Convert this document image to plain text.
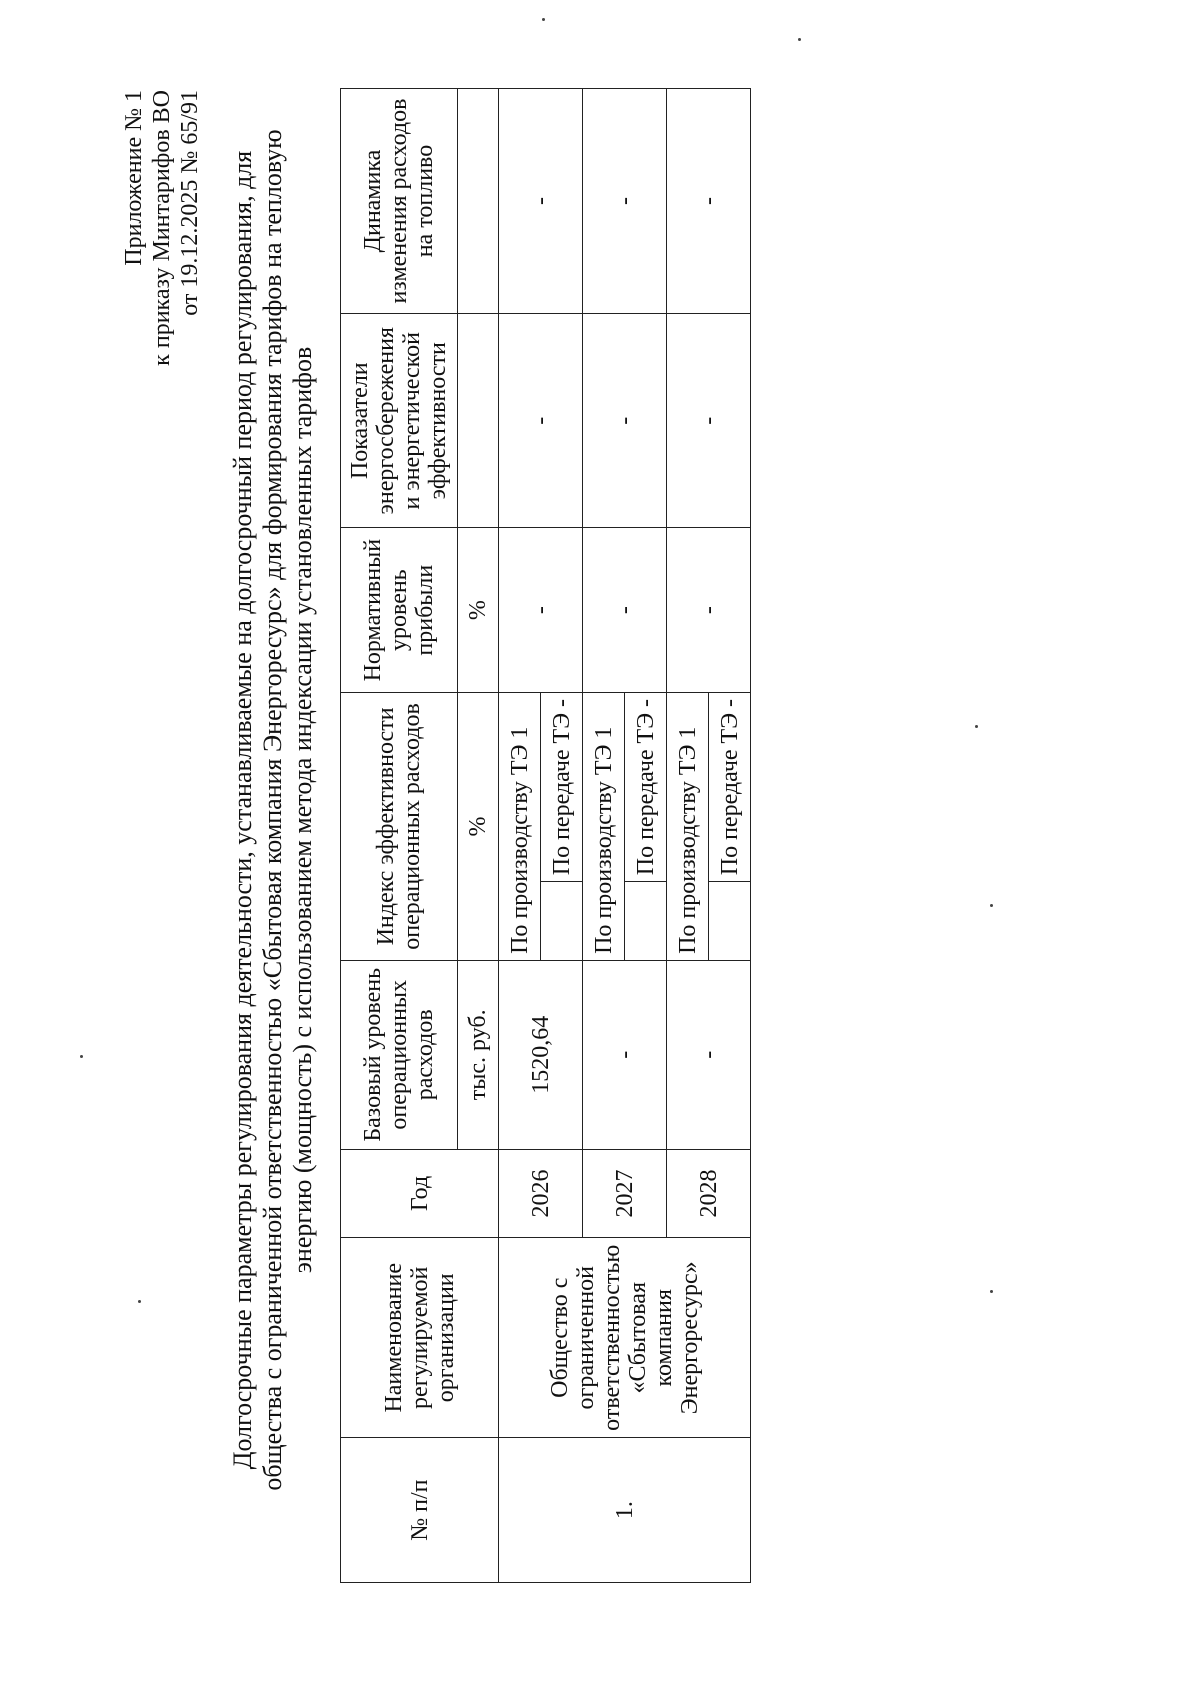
Приложение № 1 к приказу Минтарифов ВО от 19.12.2025 № 65/91 Долгосрочные параметры регулирования деятельности, устанавливаемые на долгосрочный период регулирования, для общества с ограниченной ответственностью «Сбытовая компания Энергоресурс» для формирования тарифов на тепловую энергию (мощность) с использованием метода индексации установленных тарифов
№ п/п	Наименование регулируемой организации	Год	Базовый уровень операционных расходов	Индекс эффективности операционных расходов		Нормативный уровень прибыли	Показатели энергосбережения и энергетической эффективности	Динамика изменения расходов на топливо
			тыс. руб.	%		%		
1.	Общество с ограниченной ответственностью «Сбытовая компания Энергоресурс»	2026	1520,64	По производству ТЭ 1		-	-	-
					По передаче ТЭ -			
		2027	-	По производству ТЭ 1		-	-	-
					По передаче ТЭ -			
		2028	-	По производству ТЭ 1		-	-	-
					По передаче ТЭ -			
